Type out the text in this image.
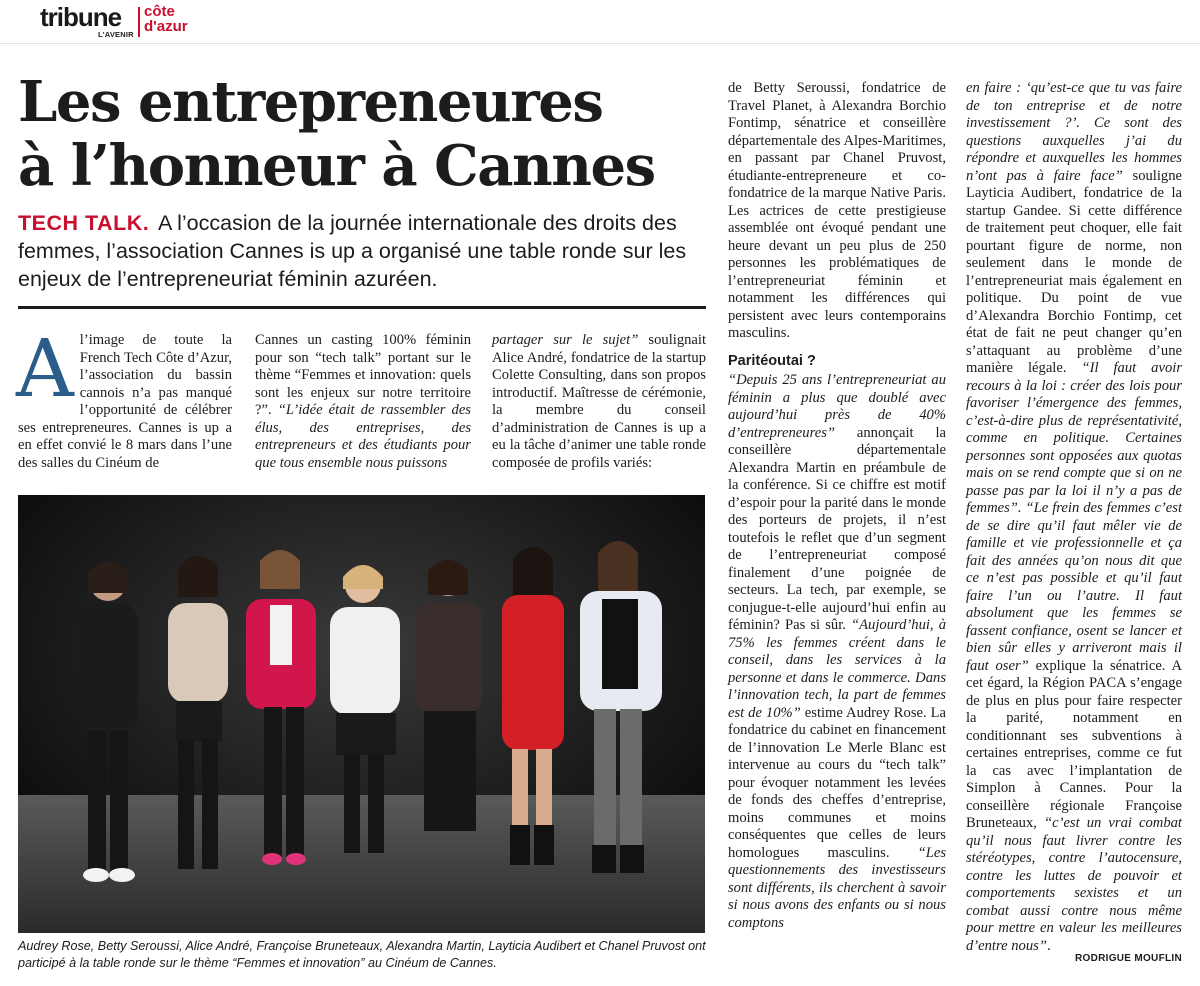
tribune
L'AVENIR
côte
d'azur
Les entrepreneures
à l’honneur à Cannes

TECH TALK. A l’occasion de la journée internationale des droits des femmes, l’association Cannes is up a organisé une table ronde sur les enjeux de l’entrepreneuriat féminin azuréen.

A l’image de toute la French Tech Côte d’Azur, l’association du bassin cannois n’a pas manqué l’opportunité de célébrer ses entrepreneures. Cannes is up a en effet convié le 8 mars dans l’une des salles du Cinéum de
Cannes un casting 100% féminin pour son “tech talk” portant sur le thème “Femmes et innovation: quels sont les enjeux sur notre territoire ?”. “L’idée était de rassembler des élus, des entreprises, des entrepreneurs et des étudiants pour que tous ensemble nous puissons
partager sur le sujet” soulignait Alice André, fondatrice de la startup Colette Consulting, dans son propos introductif. Maîtresse de cérémonie, la membre du conseil d’administration de Cannes is up a eu la tâche d’animer une table ronde composée de profils variés:

Audrey Rose, Betty Seroussi, Alice André, Françoise Bruneteaux, Alexandra Martin, Layticia Audibert et Chanel Pruvost ont participé à la table ronde sur le thème “Femmes et innovation” au Cinéum de Cannes.

de Betty Seroussi, fondatrice de Travel Planet, à Alexandra Borchio Fontimp, sénatrice et conseillère départementale des Alpes-Maritimes, en passant par Chanel Pruvost, étudiante-entrepreneure et co-fondatrice de la marque Native Paris. Les actrices de cette prestigieuse assemblée ont évoqué pendant une heure devant un peu plus de 250 personnes les problématiques de l’entrepreneuriat féminin et notamment les différences qui persistent avec leurs contemporains masculins.

Paritéoutai ?

“Depuis 25 ans l’entrepreneuriat au féminin a plus que doublé avec aujourd’hui près de 40% d’entrepreneures” annonçait la conseillère départementale Alexandra Martin en préambule de la conférence. Si ce chiffre est motif d’espoir pour la parité dans le monde des porteurs de projets, il n’est toutefois le reflet que d’un segment de l’entrepreneuriat composé finalement d’une poignée de secteurs. La tech, par exemple, se conjugue-t-elle aujourd’hui enfin au féminin? Pas si sûr. “Aujourd’hui, à 75% les femmes créent dans le conseil, dans les services à la personne et dans le commerce. Dans l’innovation tech, la part de femmes est de 10%” estime Audrey Rose. La fondatrice du cabinet en financement de l’innovation Le Merle Blanc est intervenue au cours du “tech talk” pour évoquer notamment les levées de fonds des cheffes d’entreprise, moins communes et moins conséquentes que celles de leurs homologues masculins. “Les questionnements des investisseurs sont différents, ils cherchent à savoir si nous avons des enfants ou si nous comptons

en faire : ‘qu’est-ce que tu vas faire de ton entreprise et de notre investissement ?’. Ce sont des questions auxquelles j’ai du répondre et auxquelles les hommes n’ont pas à faire face” souligne Layticia Audibert, fondatrice de la startup Gandee. Si cette différence de traitement peut choquer, elle fait pourtant figure de norme, non seulement dans le monde de l’entrepreneuriat mais également en politique. Du point de vue d’Alexandra Borchio Fontimp, cet état de fait ne peut changer qu’en s’attaquant au problème d’une manière légale. “Il faut avoir recours à la loi : créer des lois pour favoriser l’émergence des femmes, c’est-à-dire plus de représentativité, comme en politique. Certaines personnes sont opposées aux quotas mais on se rend compte que si on ne passe pas par la loi il n’y a pas de femmes”. “Le frein des femmes c’est de se dire qu’il faut mêler vie de famille et vie professionnelle et ça fait des années qu’on nous dit que ce n’est pas possible et qu’il faut faire l’un ou l’autre. Il faut absolument que les femmes se fassent confiance, osent se lancer et bien sûr elles y arriveront mais il faut oser” explique la sénatrice. A cet égard, la Région PACA s’engage de plus en plus pour faire respecter la parité, notamment en conditionnant ses subventions à certaines entreprises, comme ce fut la cas avec l’implantation de Simplon à Cannes. Pour la conseillère régionale Françoise Bruneteaux, “c’est un vrai combat qu’il nous faut livrer contre les stéréotypes, contre l’autocensure, contre les luttes de pouvoir et comportements sexistes et un combat aussi contre nous même pour mettre en valeur les meilleures d’entre nous”.

RODRIGUE MOUFLIN
